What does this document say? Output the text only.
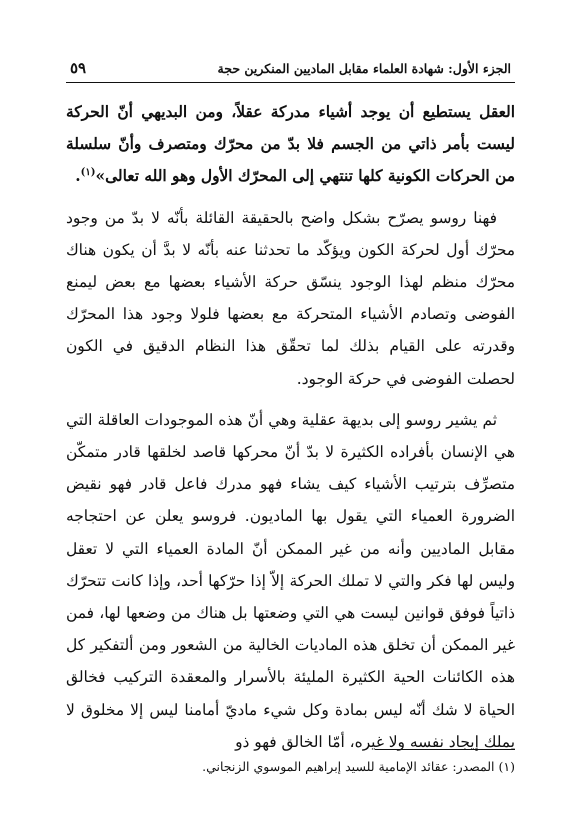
الجزء الأول: شهادة العلماء مقابل الماديين المنكرين حجة
٥٩

العقل يستطيع أن يوجد أشياء مدركة عقلاً، ومن البديهي أنّ الحركة ليست بأمر ذاتي من الجسم فلا بدّ من محرّك ومتصرف وأنّ سلسلة من الحركات الكونية كلها تنتهي إلى المحرّك الأول وهو الله تعالى»$^{(١)}$.

فهنا روسو يصرّح بشكل واضح بالحقيقة القائلة بأنّه لا بدّ من وجود محرّك أول لحركة الكون ويؤكّد ما تحدثنا عنه بأنّه لا بدَّ أن يكون هناك محرّك منظم لهذا الوجود ينسّق حركة الأشياء بعضها مع بعض ليمنع الفوضى وتصادم الأشياء المتحركة مع بعضها فلولا وجود هذا المحرّك وقدرته على القيام بذلك لما تحقّق هذا النظام الدقيق في الكون لحصلت الفوضى في حركة الوجود.

ثم يشير روسو إلى بديهة عقلية وهي أنّ هذه الموجودات العاقلة التي هي الإنسان بأفراده الكثيرة لا بدّ أنّ محركها قاصد لخلقها قادر متمكّن متصرِّف بترتيب الأشياء كيف يشاء فهو مدرك فاعل قادر فهو نقيض الضرورة العمياء التي يقول بها الماديون. فروسو يعلن عن احتجاجه مقابل الماديين وأنه من غير الممكن أنّ المادة العمياء التي لا تعقل وليس لها فكر والتي لا تملك الحركة إلاّ إذا حرّكها أحد، وإذا كانت تتحرّك ذاتياً فوفق قوانين ليست هي التي وضعتها بل هناك من وضعها لها، فمن غير الممكن أن تخلق هذه الماديات الخالية من الشعور ومن ألتفكير كل هذه الكائنات الحية الكثيرة المليئة بالأسرار والمعقدة التركيب فخالق الحياة لا شك أنّه ليس بمادة وكل شيء ماديّ أمامنا ليس إلا مخلوق لا يملك إيجاد نفسه ولا غيره، أمّا الخالق فهو ذو

(١) المصدر: عقائد الإمامية للسيد إبراهيم الموسوي الزنجاني.
